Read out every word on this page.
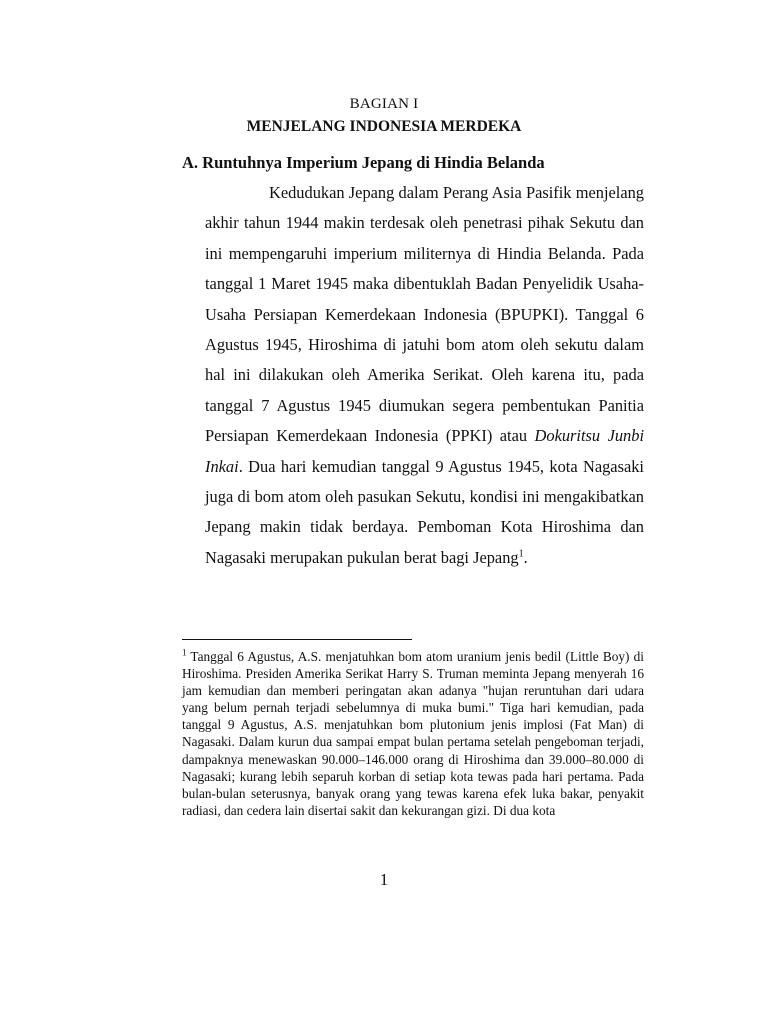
BAGIAN I
MENJELANG INDONESIA MERDEKA
A. Runtuhnya Imperium Jepang di Hindia Belanda

Kedudukan Jepang dalam Perang Asia Pasifik menjelang akhir tahun 1944 makin terdesak oleh penetrasi pihak Sekutu dan ini mempengaruhi imperium militernya di Hindia Belanda. Pada tanggal 1 Maret 1945 maka dibentuklah Badan Penyelidik Usaha-Usaha Persiapan Kemerdekaan Indonesia (BPUPKI). Tanggal 6 Agustus 1945, Hiroshima di jatuhi bom atom oleh sekutu dalam hal ini dilakukan oleh Amerika Serikat. Oleh karena itu, pada tanggal 7 Agustus 1945 diumukan segera pembentukan Panitia Persiapan Kemerdekaan Indonesia (PPKI) atau Dokuritsu Junbi Inkai. Dua hari kemudian tanggal 9 Agustus 1945, kota Nagasaki juga di bom atom oleh pasukan Sekutu, kondisi ini mengakibatkan Jepang makin tidak berdaya. Pemboman Kota Hiroshima dan Nagasaki merupakan pukulan berat bagi Jepang$^1$.

$^1$ Tanggal 6 Agustus, A.S. menjatuhkan bom atom uranium jenis bedil (Little Boy) di Hiroshima. Presiden Amerika Serikat Harry S. Truman meminta Jepang menyerah 16 jam kemudian dan memberi peringatan akan adanya "hujan reruntuhan dari udara yang belum pernah terjadi sebelumnya di muka bumi." Tiga hari kemudian, pada tanggal 9 Agustus, A.S. menjatuhkan bom plutonium jenis implosi (Fat Man) di Nagasaki. Dalam kurun dua sampai empat bulan pertama setelah pengeboman terjadi, dampaknya menewaskan 90.000–146.000 orang di Hiroshima dan 39.000–80.000 di Nagasaki; kurang lebih separuh korban di setiap kota tewas pada hari pertama. Pada bulan-bulan seterusnya, banyak orang yang tewas karena efek luka bakar, penyakit radiasi, dan cedera lain disertai sakit dan kekurangan gizi. Di dua kota

1
